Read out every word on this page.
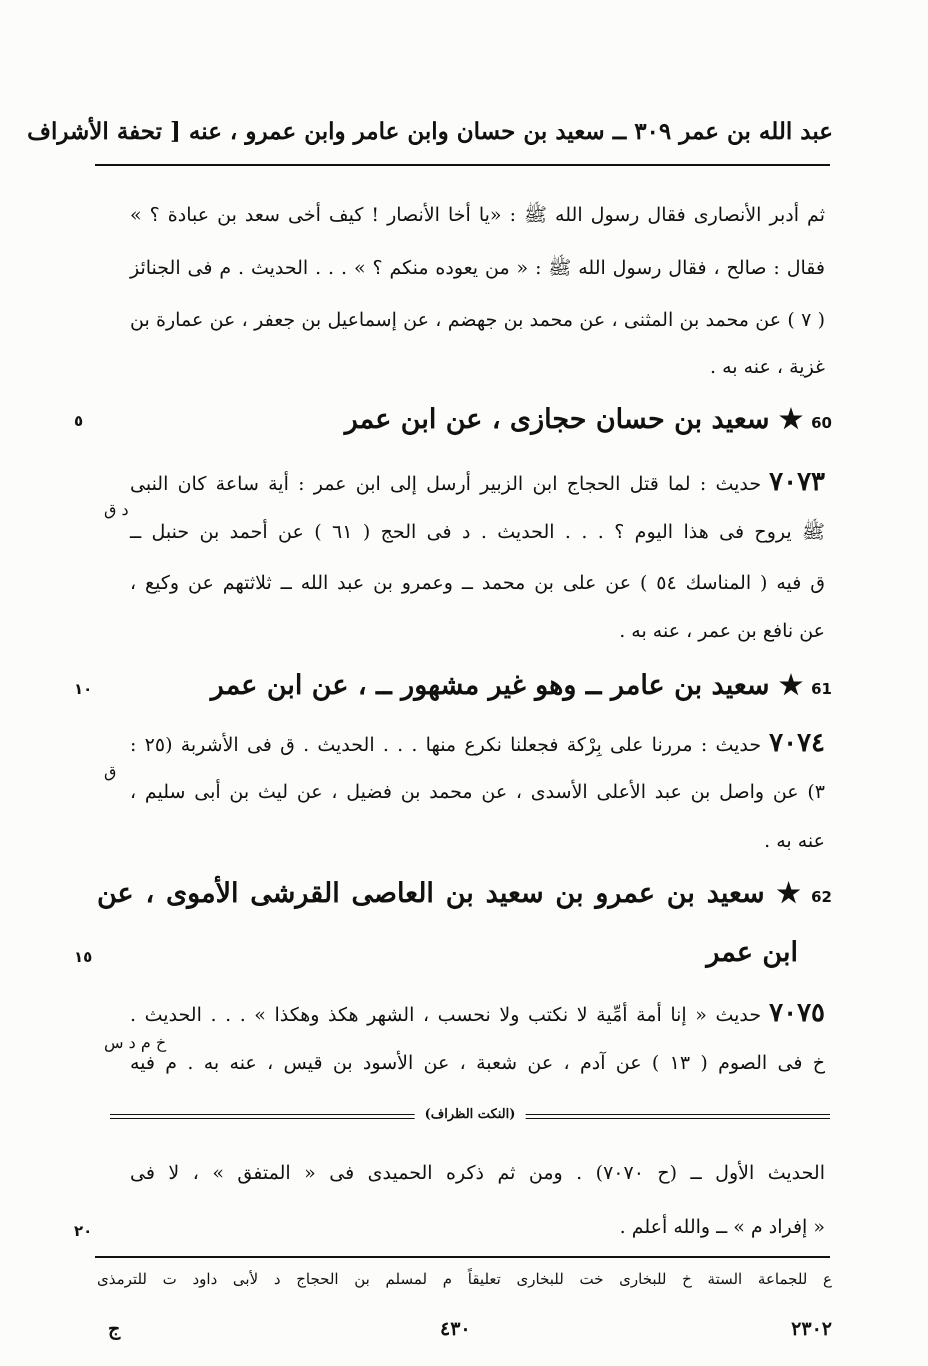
عبد الله بن عمر ٣٠٩ ــ سعيد بن حسان وابن عامر وابن عمرو ، عنه [ تحفة الأشراف
ثم أدبر الأنصارى فقال رسول الله ﷺ : «يا أخا الأنصار ! كيف أخى سعد بن عبادة ؟ »
فقال : صالح ، فقال رسول الله ﷺ : « من يعوده منكم ؟ » . . . الحديث . م فى الجنائز
( ٧ ) عن محمد بن المثنى ، عن محمد بن جهضم ، عن إسماعيل بن جعفر ، عن عمارة بن
غزية ، عنه به .
60★ سعيد بن حسان حجازى ، عن ابن عمر
٥
٧٠٧٣حديث : لما قتل الحجاج ابن الزبير أرسل إلى ابن عمر : أية ساعة كان النبى
د ق
ﷺ يروح فى هذا اليوم ؟ . . . الحديث . د فى الحج ( ٦١ ) عن أحمد بن حنبل ــ
ق فيه ( المناسك ٥٤ ) عن على بن محمد ــ وعمرو بن عبد الله ــ ثلاثتهم عن وكيع ،
عن نافع بن عمر ، عنه به .
61★ سعيد بن عامر ــ وهو غير مشهور ــ ، عن ابن عمر
١٠
٧٠٧٤حديث : مررنا على بِرْكة فجعلنا نكرع منها . . . الحديث . ق فى الأشربة (٢٥ :
ق
٣) عن واصل بن عبد الأعلى الأسدى ، عن محمد بن فضيل ، عن ليث بن أبى سليم ،
عنه به .
62★ سعيد بن عمرو بن سعيد بن العاصى القرشى الأموى ، عن
ابن عمر
١٥
٧٠٧٥حديث « إنا أمة أمِّية لا نكتب ولا نحسب ، الشهر هكذ وهكذا » . . . الحديث .
خ م د س
خ فى الصوم ( ١٣ ) عن آدم ، عن شعبة ، عن الأسود بن قيس ، عنه به . م فيه
(النكت الظراف)
الحديث الأول ــ (ح ٧٠٧٠) . ومن ثم ذكره الحميدى فى « المتفق » ، لا فى
« إفراد م » ــ والله أعلم .
٢٠
ع للجماعة الستة خ للبخارى خت للبخارى تعليقاً م لمسلم بن الحجاج د لأبى داود ت للترمذى
٢٣٠٢
٤٣٠
ج
